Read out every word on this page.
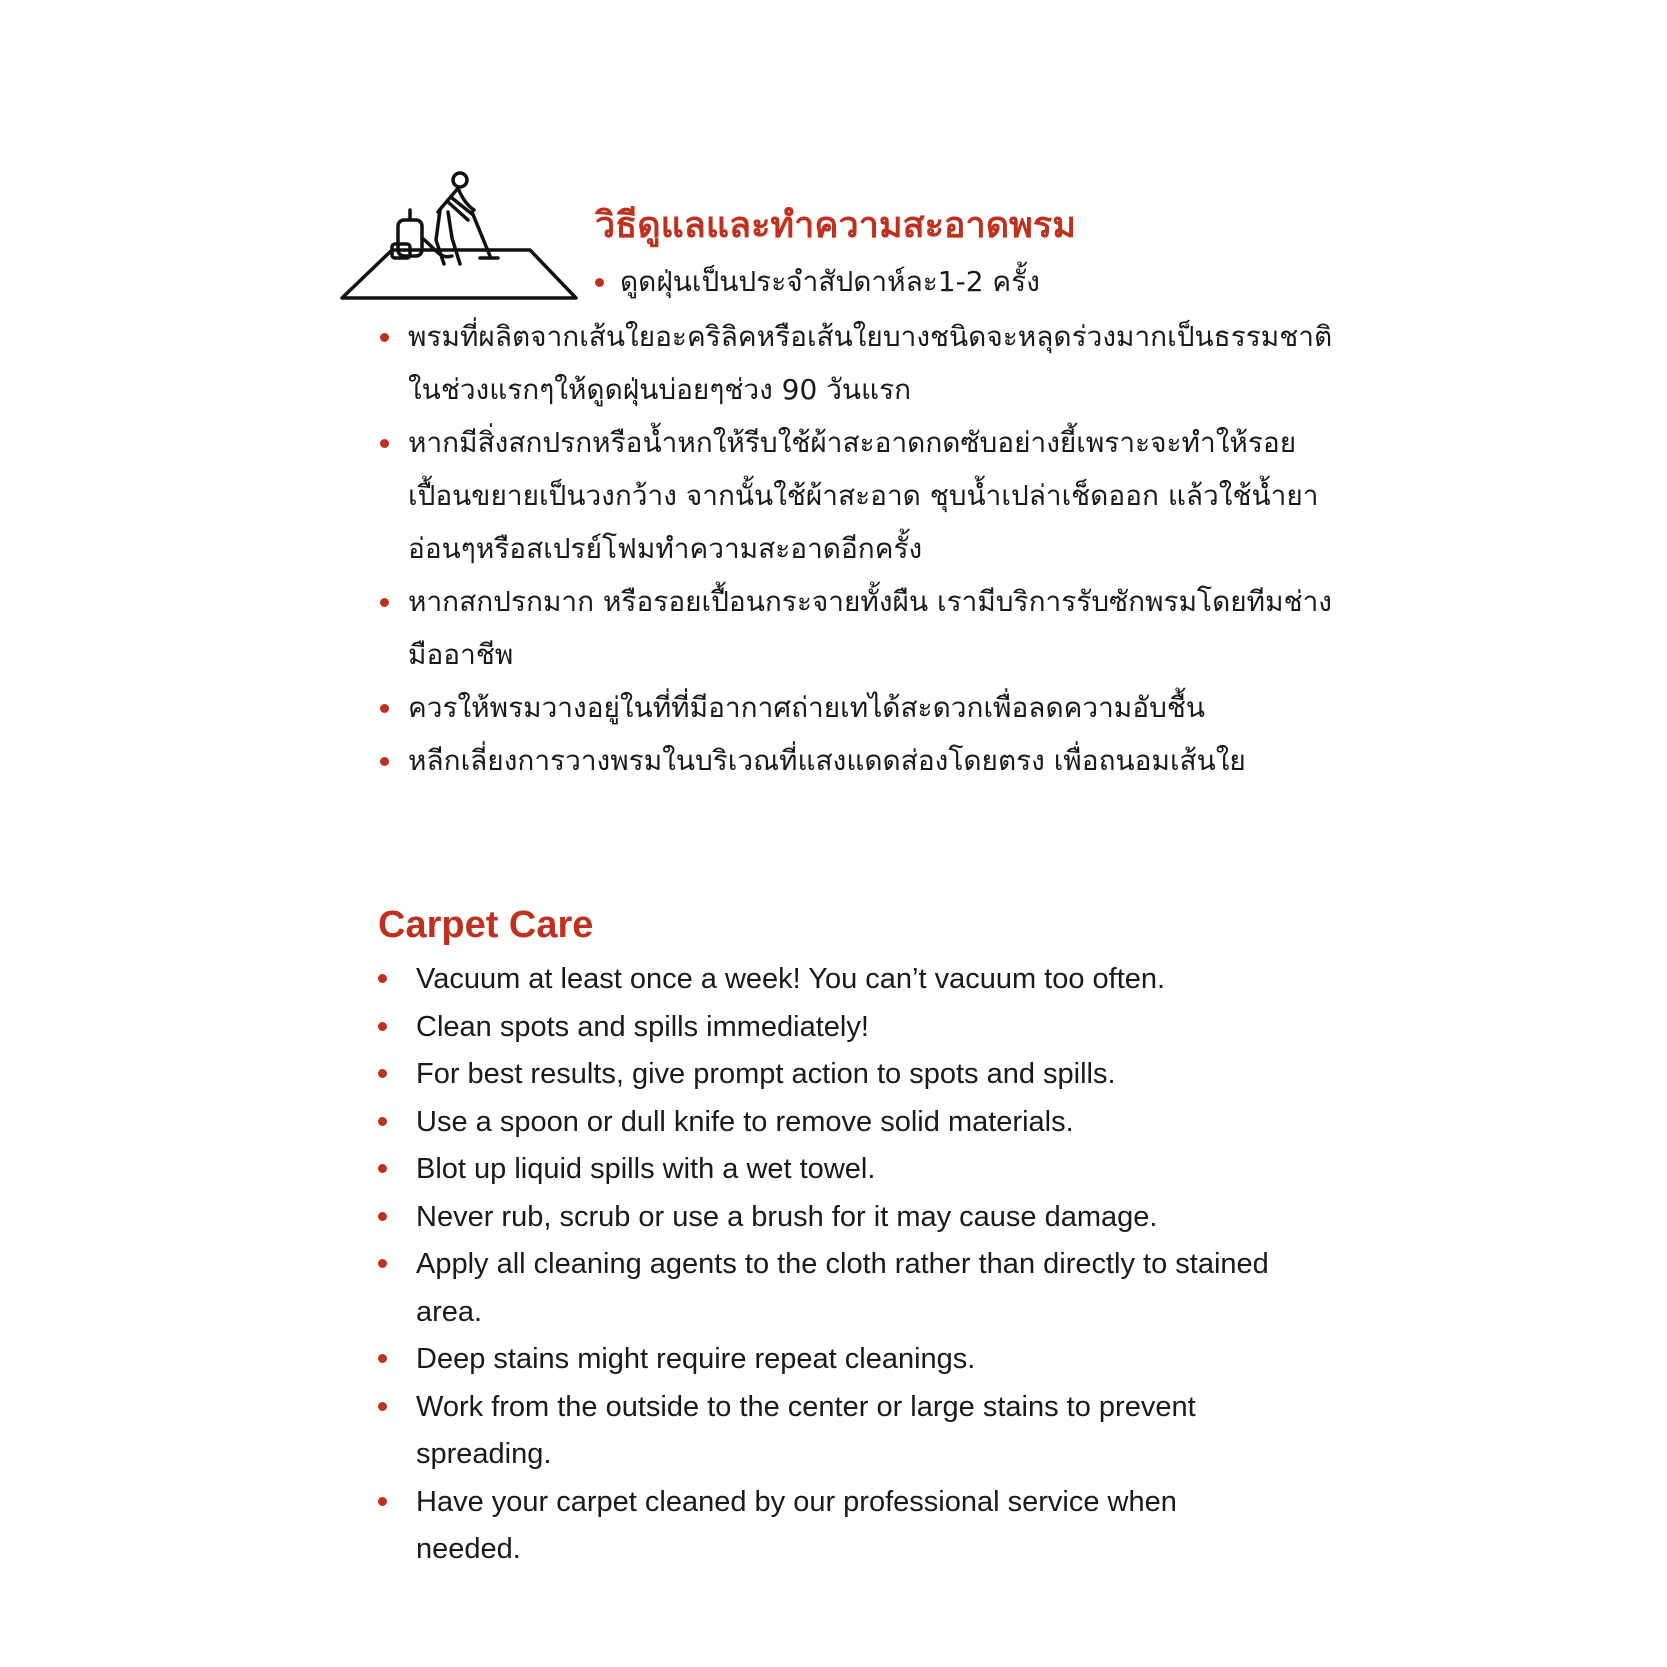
วิธีดูแลและทำความสะอาดพรม
ดูดฝุ่นเป็นประจำสัปดาห์ละ1-2 ครั้ง
พรมที่ผลิตจากเส้นใยอะคริลิคหรือเส้นใยบางชนิดจะหลุดร่วงมากเป็นธรรมชาติในช่วงแรกๆให้ดูดฝุ่นบ่อยๆช่วง 90 วันแรก
หากมีสิ่งสกปรกหรือน้ำหกให้รีบใช้ผ้าสะอาดกดซับอย่างยี้เพราะจะทำให้รอยเปื้อนขยายเป็นวงกว้าง จากนั้นใช้ผ้าสะอาด ชุบน้ำเปล่าเช็ดออก แล้วใช้น้ำยาอ่อนๆหรือสเปรย์โฟมทำความสะอาดอีกครั้ง
หากสกปรกมาก หรือรอยเปื้อนกระจายทั้งผืน เรามีบริการรับซักพรมโดยทีมช่างมืออาชีพ
ควรให้พรมวางอยู่ในที่ที่มีอากาศถ่ายเทได้สะดวกเพื่อลดความอับชื้น
หลีกเลี่ยงการวางพรมในบริเวณที่แสงแดดส่องโดยตรง เพื่อถนอมเส้นใย
Carpet Care
Vacuum at least once a week! You can’t vacuum too often.
Clean spots and spills immediately!
For best results, give prompt action to spots and spills.
Use a spoon or dull knife to remove solid materials.
Blot up liquid spills with a wet towel.
Never rub, scrub or use a brush for it may cause damage.
Apply all cleaning agents to the cloth rather than directly to stained area.
Deep stains might require repeat cleanings.
Work from the outside to the center or large stains to prevent spreading.
Have your carpet cleaned by our professional service when needed.
